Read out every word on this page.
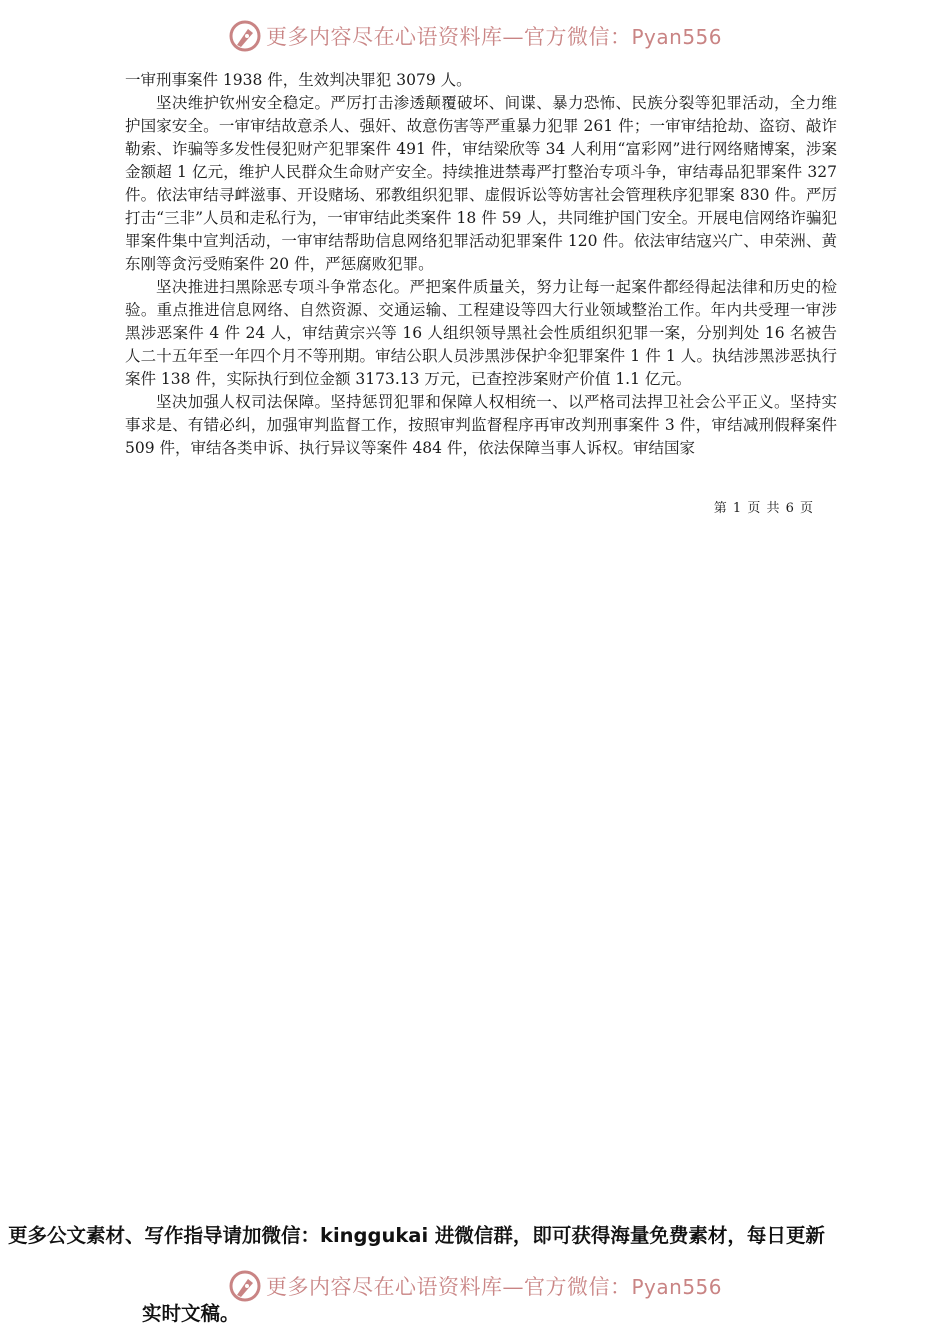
更多内容尽在心语资料库—官方微信：Pyan556

一审刑事案件 1938 件，生效判决罪犯 3079 人。

坚决维护钦州安全稳定。严厉打击渗透颠覆破坏、间谍、暴力恐怖、民族分裂等犯罪活动，全力维护国家安全。一审审结故意杀人、强奸、故意伤害等严重暴力犯罪 261 件；一审审结抢劫、盗窃、敲诈勒索、诈骗等多发性侵犯财产犯罪案件 491 件，审结梁欣等 34 人利用“富彩网”进行网络赌博案，涉案金额超 1 亿元，维护人民群众生命财产安全。持续推进禁毒严打整治专项斗争，审结毒品犯罪案件 327 件。依法审结寻衅滋事、开设赌场、邪教组织犯罪、虚假诉讼等妨害社会管理秩序犯罪案 830 件。严厉打击“三非”人员和走私行为，一审审结此类案件 18 件 59 人，共同维护国门安全。开展电信网络诈骗犯罪案件集中宣判活动，一审审结帮助信息网络犯罪活动犯罪案件 120 件。依法审结寇兴广、申荣洲、黄东刚等贪污受贿案件 20 件，严惩腐败犯罪。

坚决推进扫黑除恶专项斗争常态化。严把案件质量关，努力让每一起案件都经得起法律和历史的检验。重点推进信息网络、自然资源、交通运输、工程建设等四大行业领域整治工作。年内共受理一审涉黑涉恶案件 4 件 24 人，审结黄宗兴等 16 人组织领导黑社会性质组织犯罪一案，分别判处 16 名被告人二十五年至一年四个月不等刑期。审结公职人员涉黑涉保护伞犯罪案件 1 件 1 人。执结涉黑涉恶执行案件 138 件，实际执行到位金额 3173.13 万元，已查控涉案财产价值 1.1 亿元。

坚决加强人权司法保障。坚持惩罚犯罪和保障人权相统一、以严格司法捍卫社会公平正义。坚持实事求是、有错必纠，加强审判监督工作，按照审判监督程序再审改判刑事案件 3 件，审结减刑假释案件 509 件，审结各类申诉、执行异议等案件 484 件，依法保障当事人诉权。审结国家

第 1 页 共 6 页
更多公文素材、写作指导请加微信：kinggukai 进微信群，即可获得海量免费素材，每日更新
更多内容尽在心语资料库—官方微信：Pyan556
实时文稿。
